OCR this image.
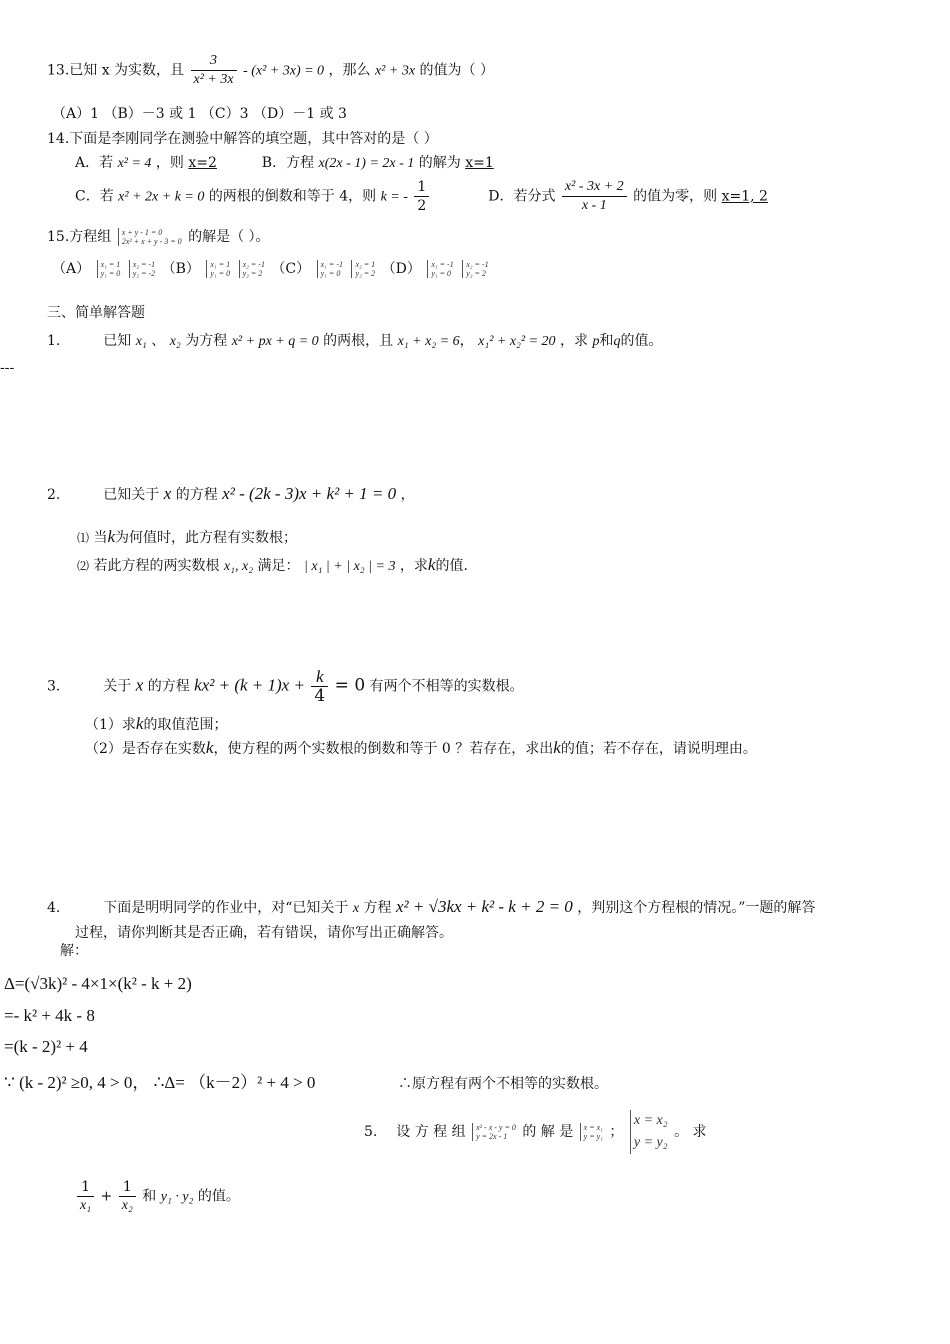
13.已知 x 为实数，且 $\frac{3}{\text{x² + 3x}} - (x^2 + 3x) = 0$ ，那么 x² + 3x 的值为（ ）
（A）1 （B）－3 或 1 （C）3 （D）－1 或 3
14.下面是李刚同学在测验中解答的填空题，其中答对的是（ ）
A．若 x² = 4 ，则 x=2	B．方程 x(2x - 1) = 2x - 1 的解为 x=1
C．若 x² + 2x + k = 0 的两根的倒数和等于 4，则 k = - $\frac{1}{2}$	D．若分式 $\frac{\text{x² - 3x + 2}}{x - 1}$ 的值为零，则 x=1, 2
15.方程组 x + y - 1 = 0
2x² + x + y - 3 = 0 的解是（ ）。
（A） x₁ = 1
y₁ = 0 x₂ = -1
y₂ = -2 （B） x₁ = 1
y₁ = 0 x₂ = -1
y₂ = 2 （C） x₁ = -1
y₁ = 0 x₂ = 1
y₂ = 2 （D） x₁ = -1
y₁ = 0 x₂ = -1
y₂ = 2
三、简单解答题
1.	已知 x₁ 、 x₂ 为方程 x² + px + q = 0 的两根，且 x₁ + x₂ = 6， x₁² + x₂² = 20 ，求 p和q的值。
---
2.	已知关于 x 的方程 x² - (2k - 3)x + k² + 1 = 0 ，
⑴ 当k为何值时，此方程有实数根；
⑵ 若此方程的两实数根 x₁, x₂ 满足： | x₁ | + | x₂ | = 3 ，求k的值.
3.	关于 x 的方程 $kx^2 + (k + 1)x + \frac{k}{4} = 0$ 有两个不相等的实数根。
（1）求k的取值范围；
（2）是否存在实数k，使方程的两个实数根的倒数和等于 0 ？若存在，求出k的值；若不存在，请说明理由。
4.	下面是明明同学的作业中，对“已知关于 x 方程 x² + √3kx + k² - k + 2 = 0 ，判别这个方程根的情况。”一题的解答
过程，请你判断其是否正确，若有错误，请你写出正确解答。
解：
Δ=(√3k)² - 4×1×(k² - k + 2)
=- k² + 4k - 8
=(k - 2)² + 4
∵ (k - 2)² ≥0, 4 > 0， ∴Δ= （k－2）² + 4 > 0	∴原方程有两个不相等的实数根。
5. 设 方 程 组 x² - x - y = 0
y = 2x - 1 的 解 是 x = x₁
y = y₁ ； x = x₂
y = y₂ 。 求
$\frac{1}{\text{x₁}} + \frac{1}{\text{x₂}}$ 和 y₁ · y₂ 的值。
